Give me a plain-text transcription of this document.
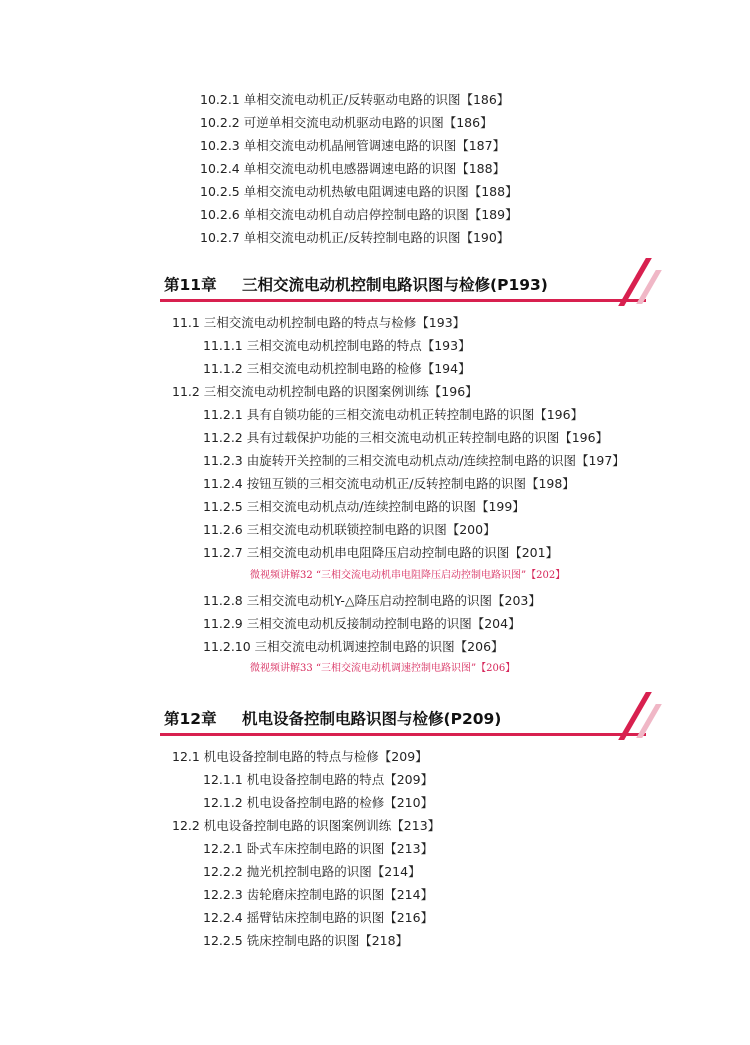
10.2.1 单相交流电动机正/反转驱动电路的识图【186】
10.2.2 可逆单相交流电动机驱动电路的识图【186】
10.2.3 单相交流电动机晶闸管调速电路的识图【187】
10.2.4 单相交流电动机电感器调速电路的识图【188】
10.2.5 单相交流电动机热敏电阻调速电路的识图【188】
10.2.6 单相交流电动机自动启停控制电路的识图【189】
10.2.7 单相交流电动机正/反转控制电路的识图【190】
第11章 三相交流电动机控制电路识图与检修(P193)
11.1 三相交流电动机控制电路的特点与检修【193】
11.1.1 三相交流电动机控制电路的特点【193】
11.1.2 三相交流电动机控制电路的检修【194】
11.2 三相交流电动机控制电路的识图案例训练【196】
11.2.1 具有自锁功能的三相交流电动机正转控制电路的识图【196】
11.2.2 具有过载保护功能的三相交流电动机正转控制电路的识图【196】
11.2.3 由旋转开关控制的三相交流电动机点动/连续控制电路的识图【197】
11.2.4 按钮互锁的三相交流电动机正/反转控制电路的识图【198】
11.2.5 三相交流电动机点动/连续控制电路的识图【199】
11.2.6 三相交流电动机联锁控制电路的识图【200】
11.2.7 三相交流电动机串电阻降压启动控制电路的识图【201】
微视频讲解32 “三相交流电动机串电阻降压启动控制电路识图”【202】
11.2.8 三相交流电动机Y-△降压启动控制电路的识图【203】
11.2.9 三相交流电动机反接制动控制电路的识图【204】
11.2.10 三相交流电动机调速控制电路的识图【206】
微视频讲解33 “三相交流电动机调速控制电路识图”【206】
第12章 机电设备控制电路识图与检修(P209)
12.1 机电设备控制电路的特点与检修【209】
12.1.1 机电设备控制电路的特点【209】
12.1.2 机电设备控制电路的检修【210】
12.2 机电设备控制电路的识图案例训练【213】
12.2.1 卧式车床控制电路的识图【213】
12.2.2 抛光机控制电路的识图【214】
12.2.3 齿轮磨床控制电路的识图【214】
12.2.4 摇臂钻床控制电路的识图【216】
12.2.5 铣床控制电路的识图【218】
